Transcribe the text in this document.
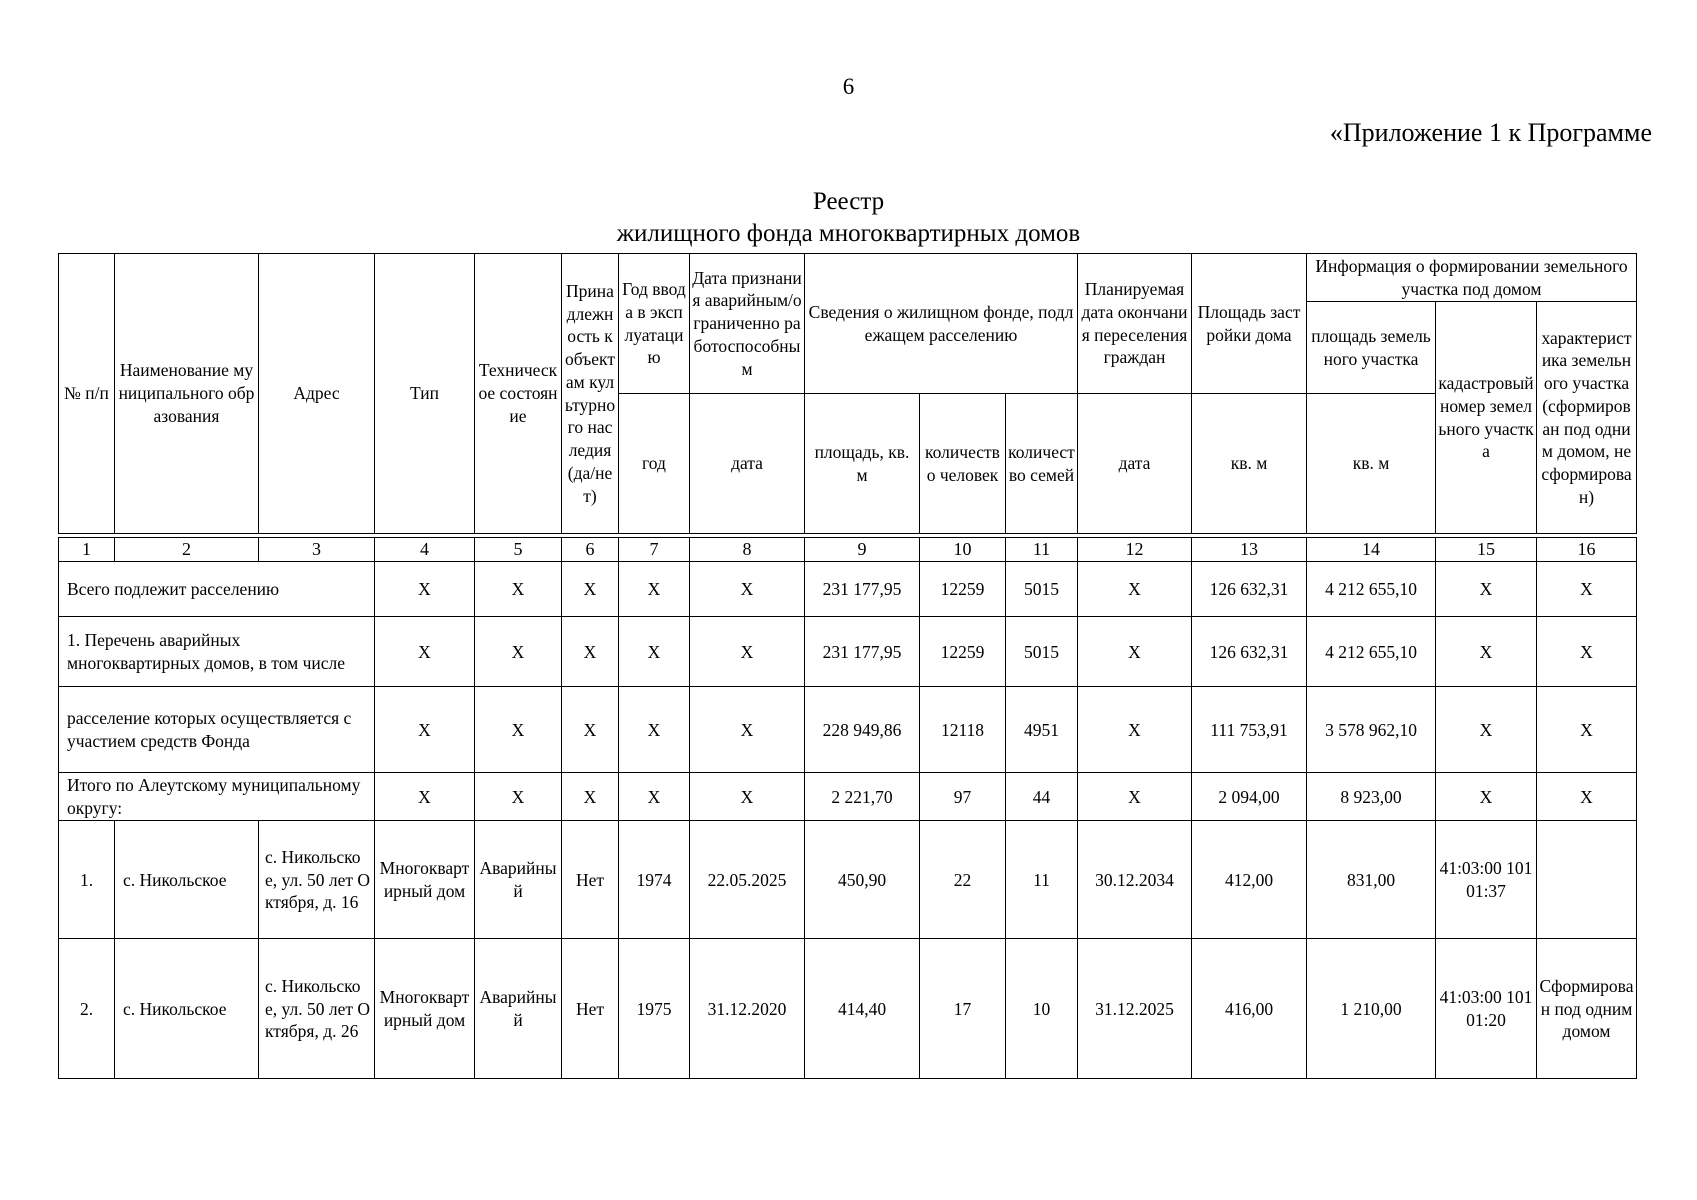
6
«Приложение 1 к Программе
Реестр
жилищного фонда многоквартирных домов
№ п/п	Наименование муниципального образования	Адрес	Тип	Техническое состояние	Принадлежность к объектам культурного наследия (да/нет)	Год ввода в эксплуатацию	Дата признания аварийным/ограниченно работоспособным	Сведения о жилищном фонде, подлежащем расселению			Планируемая дата окончания переселения граждан	Площадь застройки дома	Информация о формировании земельного участка под домом		
													площадь земельного участка	кадастровый номер земельного участка	характеристика земельного участка (сформирован под одним домом, не сформирован)
						год	дата	площадь, кв. м	количество человек	количество семей	дата	кв. м	кв. м		
1	2	3	4	5	6	7	8	9	10	11	12	13	14	15	16
Всего подлежит расселению			Х	Х	Х	Х	Х	231 177,95	12259	5015	Х	126 632,31	4 212 655,10	Х	Х
1. Перечень аварийных многоквартирных домов, в том числе			Х	Х	Х	Х	Х	231 177,95	12259	5015	Х	126 632,31	4 212 655,10	Х	Х
расселение которых осуществляется с участием средств Фонда			Х	Х	Х	Х	Х	228 949,86	12118	4951	Х	111 753,91	3 578 962,10	Х	Х
Итого по Алеутскому муниципальному округу:			Х	Х	Х	Х	Х	2 221,70	97	44	Х	2 094,00	8 923,00	Х	Х
1.	с. Никольское	с. Никольское, ул. 50 лет Октября, д. 16	Многоквартирный дом	Аварийный	Нет	1974	22.05.2025	450,90	22	11	30.12.2034	412,00	831,00	41:03:00 10101:37	
2.	с. Никольское	с. Никольское, ул. 50 лет Октября, д. 26	Многоквартирный дом	Аварийный	Нет	1975	31.12.2020	414,40	17	10	31.12.2025	416,00	1 210,00	41:03:00 10101:20	Сформирован под одним домом
